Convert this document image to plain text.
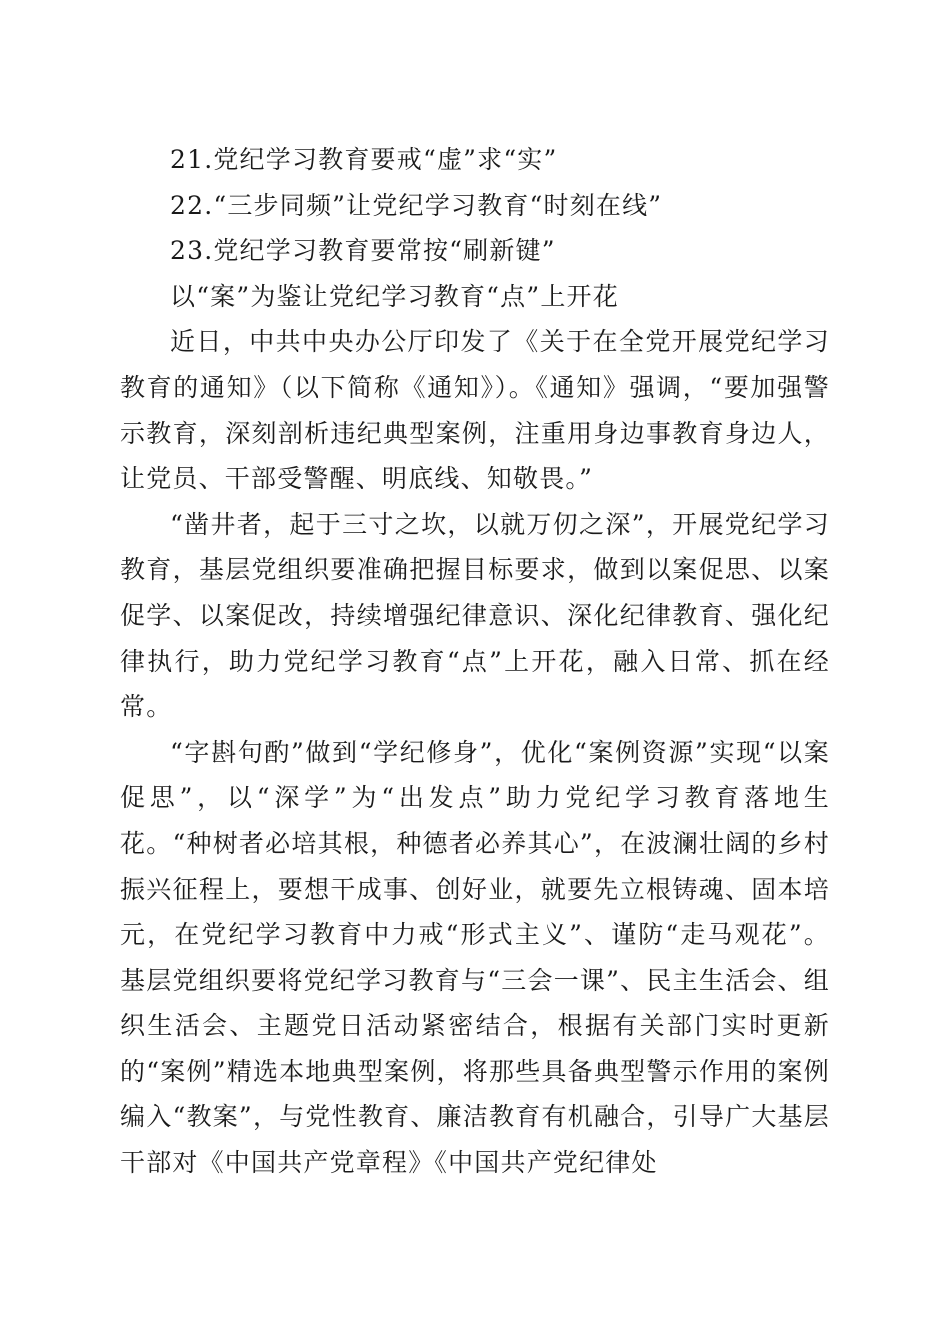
21.党纪学习教育要戒“虚”求“实”

22.“三步同频”让党纪学习教育“时刻在线”

23.党纪学习教育要常按“刷新键”

以“案”为鉴让党纪学习教育“点”上开花

近日，中共中央办公厅印发了《关于在全党开展党纪学习教育的通知》（以下简称《通知》）。《通知》强调，“要加强警示教育，深刻剖析违纪典型案例，注重用身边事教育身边人，让党员、干部受警醒、明底线、知敬畏。”

“凿井者，起于三寸之坎，以就万仞之深”，开展党纪学习教育，基层党组织要准确把握目标要求，做到以案促思、以案促学、以案促改，持续增强纪律意识、深化纪律教育、强化纪律执行，助力党纪学习教育“点”上开花，融入日常、抓在经常。

“字斟句酌”做到“学纪修身”，优化“案例资源”实现“以案促思”，以“深学”为“出发点”助力党纪学习教育落地生花。“种树者必培其根，种德者必养其心”，在波澜壮阔的乡村振兴征程上，要想干成事、创好业，就要先立根铸魂、固本培元，在党纪学习教育中力戒“形式主义”、谨防“走马观花”。基层党组织要将党纪学习教育与“三会一课”、民主生活会、组织生活会、主题党日活动紧密结合，根据有关部门实时更新的“案例”精选本地典型案例，将那些具备典型警示作用的案例编入“教案”，与党性教育、廉洁教育有机融合，引导广大基层干部对《中国共产党章程》《中国共产党纪律处
